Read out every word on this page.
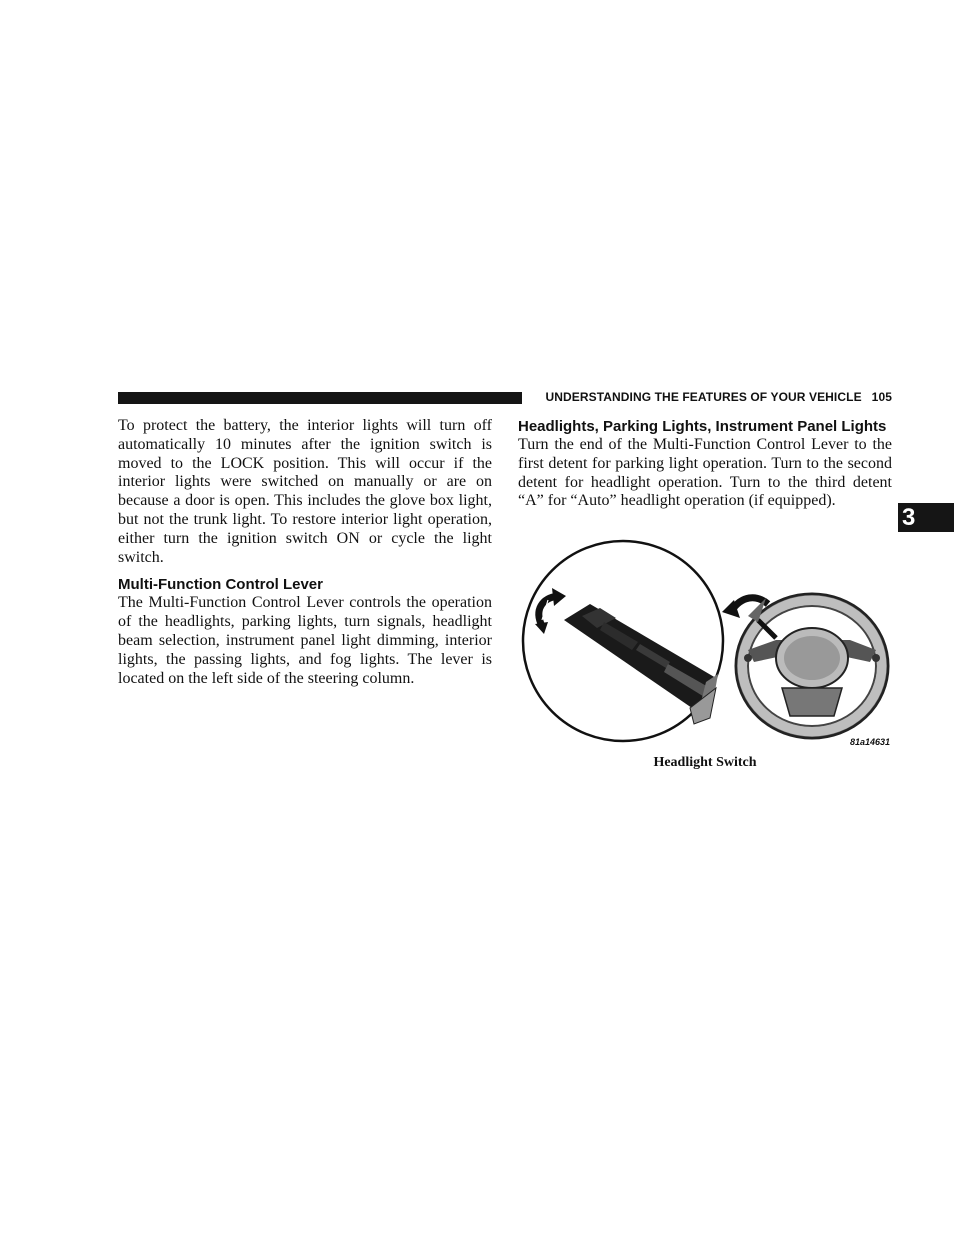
UNDERSTANDING THE FEATURES OF YOUR VEHICLE 105
3

To protect the battery, the interior lights will turn off automatically 10 minutes after the ignition switch is moved to the LOCK position. This will occur if the interior lights were switched on manually or are on because a door is open. This includes the glove box light, but not the trunk light. To restore interior light operation, either turn the ignition switch ON or cycle the light switch.

Multi-Function Control Lever

The Multi-Function Control Lever controls the operation of the headlights, parking lights, turn signals, headlight beam selection, instrument panel light dimming, interior lights, the passing lights, and fog lights. The lever is located on the left side of the steering column.

Headlights, Parking Lights, Instrument Panel Lights

Turn the end of the Multi-Function Control Lever to the first detent for parking light operation. Turn to the second detent for headlight operation. Turn to the third detent “A” for “Auto” headlight operation (if equipped).

81a14631
Headlight Switch
